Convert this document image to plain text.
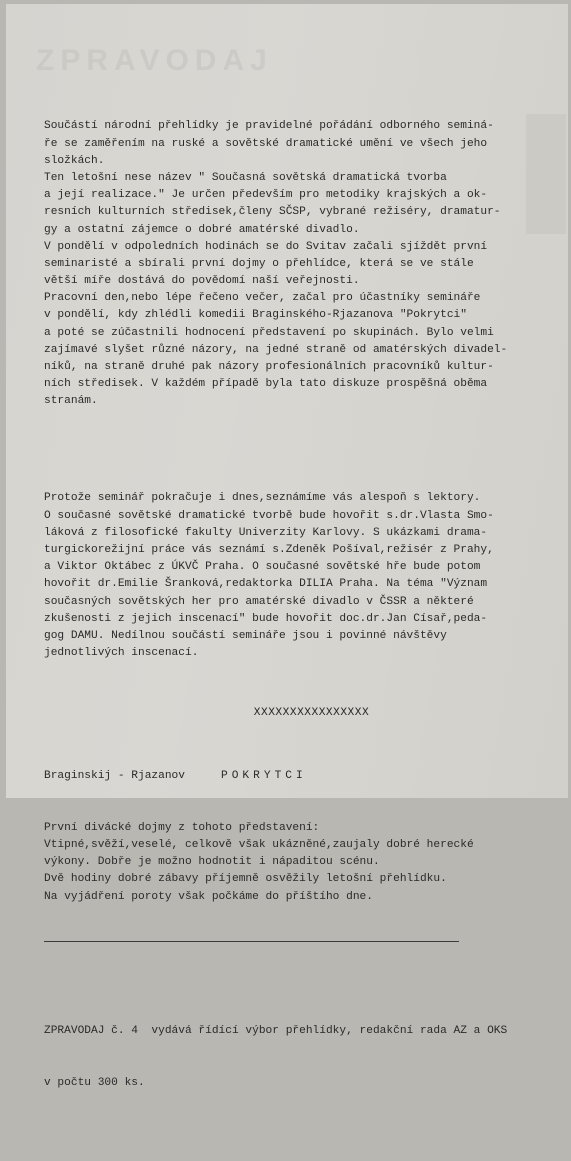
ZPRAVODAJ

Součástí národní přehlídky je pravidelné pořádání odborného seminá-
ře se zaměřením na ruské a sovětské dramatické umění ve všech jeho
složkách.
Ten letošní nese název " Současná sovětská dramatická tvorba
a její realizace." Je určen především pro metodiky krajských a ok-
resních kulturních středisek,členy SČSP, vybrané režiséry, dramatur-
gy a ostatní zájemce o dobré amatérské divadlo.
V pondělí v odpoledních hodinách se do Svitav začali sjíždět první
seminaristé a sbírali první dojmy o přehlídce, která se ve stále
větší míře dostává do povědomí naší veřejnosti.
Pracovní den,nebo lépe řečeno večer, začal pro účastníky semináře
v pondělí, kdy zhlédli komedii Braginského-Rjazanova "Pokrytci"
a poté se zúčastnili hodnocení představení po skupinách. Bylo velmi
zajímavé slyšet různé názory, na jedné straně od amatérských divadel-
níků, na straně druhé pak názory profesionálních pracovníků kultur-
ních středisek. V každém případě byla tato diskuze prospěšná oběma
stranám.

Protože seminář pokračuje i dnes,seznámíme vás alespoň s lektory.
O současné sovětské dramatické tvorbě bude hovořit s.dr.Vlasta Smo-
láková z filosofické fakulty Univerzity Karlovy. S ukázkami drama-
turgickorežijní práce vás seznámí s.Zdeněk Pošíval,režisér z Prahy,
a Viktor Oktábec z ÚKVČ Praha. O současné sovětské hře bude potom
hovořit dr.Emilie Šranková,redaktorka DILIA Praha. Na téma "Význam
současných sovětských her pro amatérské divadlo v ČSSR a některé
zkušenosti z jejich inscenací" bude hovořit doc.dr.Jan Císař,peda-
gog DAMU. Nedílnou součástí semináře jsou i povinné návštěvy
jednotlivých inscenací.

XXXXXXXXXXXXXXXX

Braginskij - Rjazanov	POKRYTCI

První divácké dojmy z tohoto představení:
Vtipné,svěží,veselé, celkově však ukázněné,zaujaly dobré herecké
výkony. Dobře je možno hodnotit i nápaditou scénu.
Dvě hodiny dobré zábavy příjemně osvěžily letošní přehlídku.
Na vyjádření poroty však počkáme do příštího dne.

ZPRAVODAJ č. 4  vydává řídící výbor přehlídky, redakční rada AZ a OKS

v počtu 300 ks.
